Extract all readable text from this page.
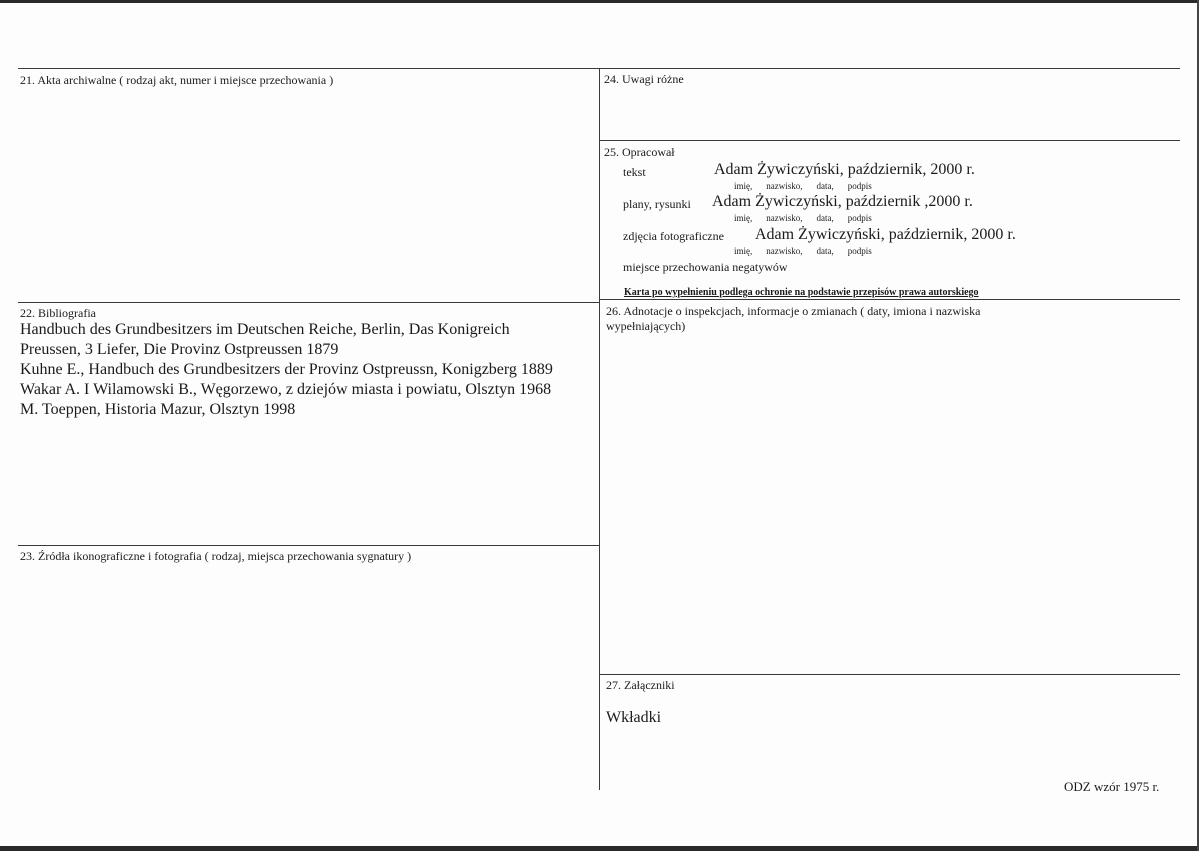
21. Akta archiwalne ( rodzaj akt, numer i miejsce przechowania )
22. Bibliografia
Handbuch des Grundbesitzers im Deutschen Reiche, Berlin, Das Konigreich
Preussen, 3 Liefer, Die Provinz Ostpreussen 1879
Kuhne E., Handbuch des Grundbesitzers der Provinz Ostpreussn, Konigzberg 1889
Wakar A. I Wilamowski B., Węgorzewo, z dziejów miasta i powiatu, Olsztyn 1968
M. Toeppen, Historia Mazur, Olsztyn 1998
23. Źródła ikonograficzne i fotografia ( rodzaj, miejsca przechowania sygnatury )
24. Uwagi różne
25. Opracował
tekst	Adam Żywiczyński, październik, 2000 r.
imię, nazwisko, data, podpis
plany, rysunki Adam Żywiczyński, październik ,2000 r.
imię, nazwisko, data, podpis
zdjęcia fotograficzne Adam Żywiczyński, październik, 2000 r.
imię, nazwisko, data, podpis
miejsce przechowania negatywów
Karta po wypełnieniu podlega ochronie na podstawie przepisów prawa autorskiego
26. Adnotacje o inspekcjach, informacje o zmianach ( daty, imiona i nazwiska
wypełniających)
27. Załączniki
Wkładki
ODZ wzór 1975 r.
